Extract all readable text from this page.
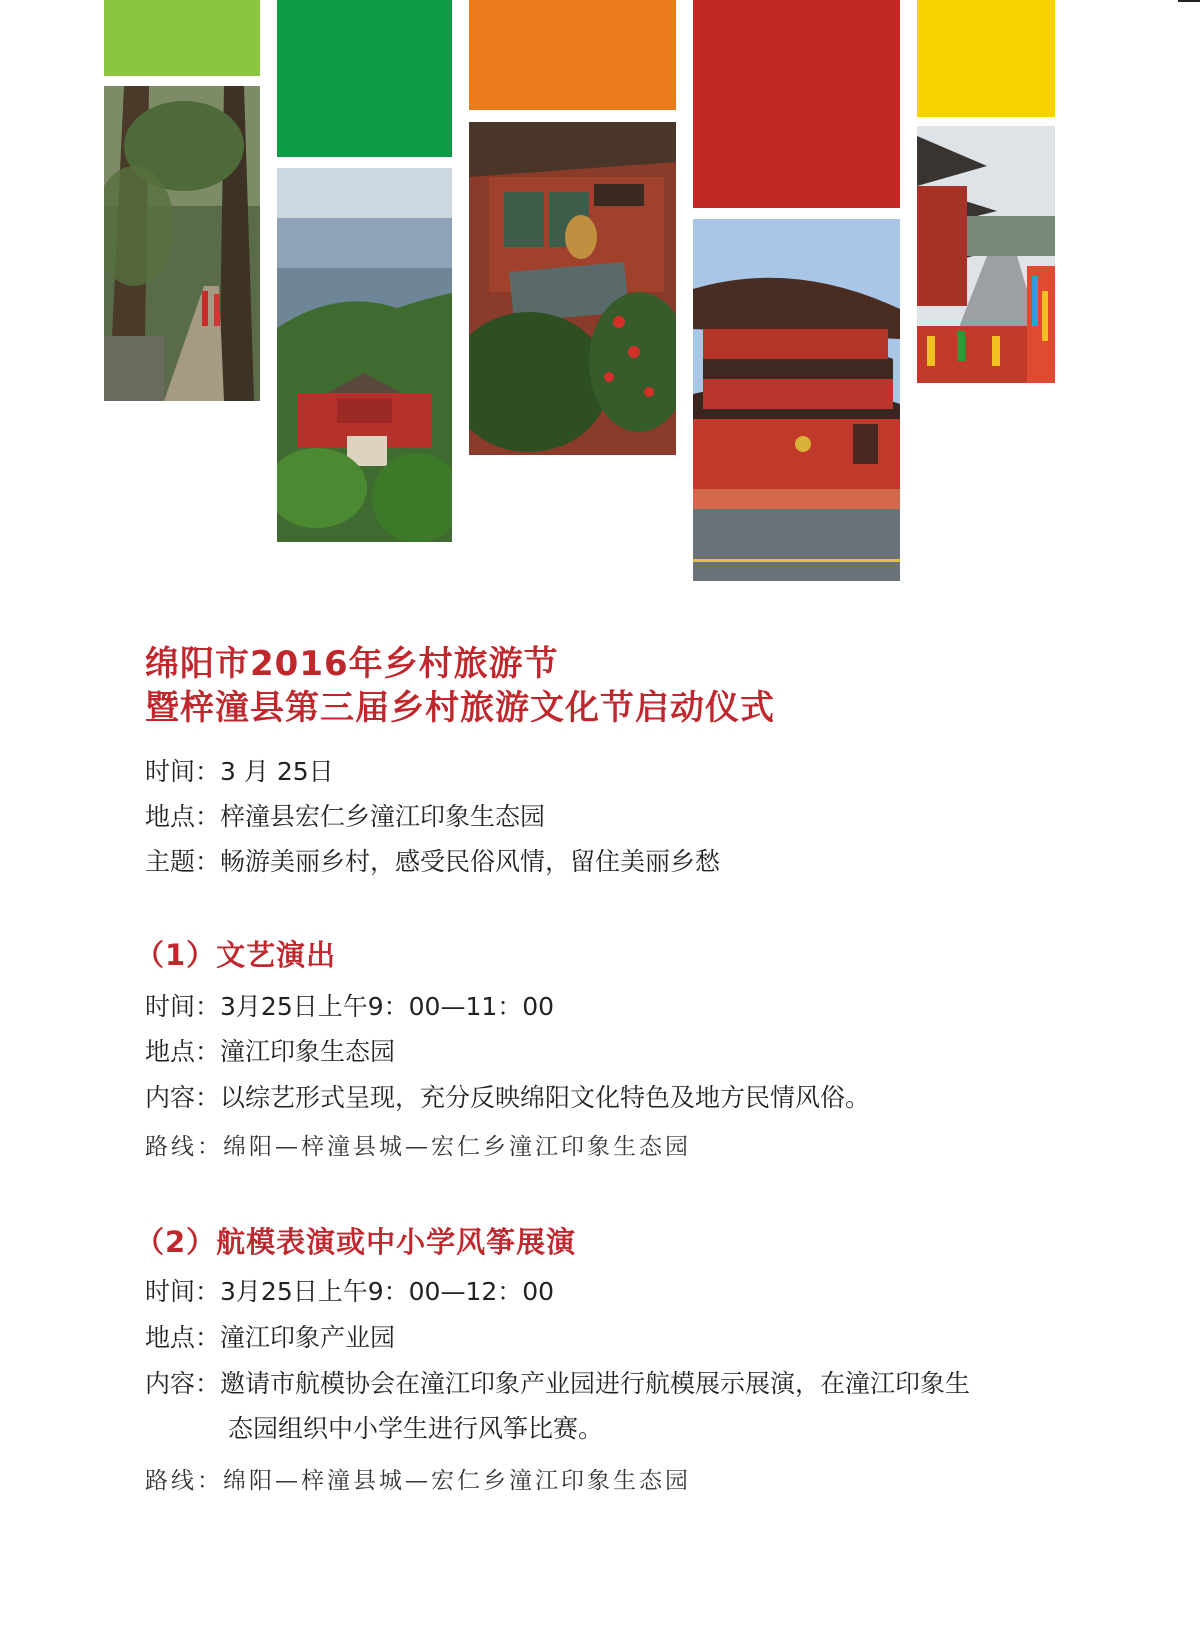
绵阳市2016年乡村旅游节
暨梓潼县第三届乡村旅游文化节启动仪式
时间：3 月 25日
地点：梓潼县宏仁乡潼江印象生态园
主题：畅游美丽乡村，感受民俗风情，留住美丽乡愁
（1）文艺演出
时间：3月25日上午9：00—11：00
地点：潼江印象生态园
内容：以综艺形式呈现，充分反映绵阳文化特色及地方民情风俗。
路线：绵阳—梓潼县城—宏仁乡潼江印象生态园
（2）航模表演或中小学风筝展演
时间：3月25日上午9：00—12：00
地点：潼江印象产业园
内容：邀请市航模协会在潼江印象产业园进行航模展示展演，在潼江印象生
态园组织中小学生进行风筝比赛。
路线：绵阳—梓潼县城—宏仁乡潼江印象生态园
